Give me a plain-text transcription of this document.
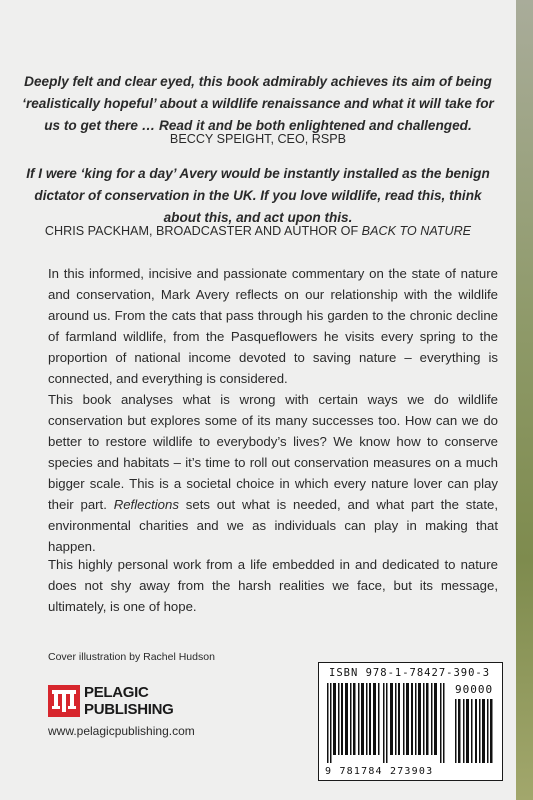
Deeply felt and clear eyed, this book admirably achieves its aim of being
‘realistically hopeful’ about a wildlife renaissance and what it will take for
us to get there … Read it and be both enlightened and challenged.
BECCY SPEIGHT, CEO, RSPB
If I were ‘king for a day’ Avery would be instantly installed as the benign
dictator of conservation in the UK. If you love wildlife, read this, think
about this, and act upon this.
CHRIS PACKHAM, BROADCASTER AND AUTHOR OF BACK TO NATURE
In this informed, incisive and passionate commentary on the state of nature and conservation, Mark Avery reflects on our relationship with the wildlife around us. From the cats that pass through his garden to the chronic decline of farmland wildlife, from the Pasqueflowers he visits every spring to the proportion of national income devoted to saving nature – everything is connected, and everything is considered.
This book analyses what is wrong with certain ways we do wildlife conservation but explores some of its many successes too. How can we do better to restore wildlife to everybody’s lives? We know how to conserve species and habitats – it’s time to roll out conservation measures on a much bigger scale. This is a societal choice in which every nature lover can play their part. Reflections sets out what is needed, and what part the state, environmental charities and we as individuals can play in making that happen.
This highly personal work from a life embedded in and dedicated to nature does not shy away from the harsh realities we face, but its message, ultimately, is one of hope.
Cover illustration by Rachel Hudson
PELAGIC
PUBLISHING
www.pelagicpublishing.com
ISBN 978-1-78427-390-3
90000
9 781784 273903
